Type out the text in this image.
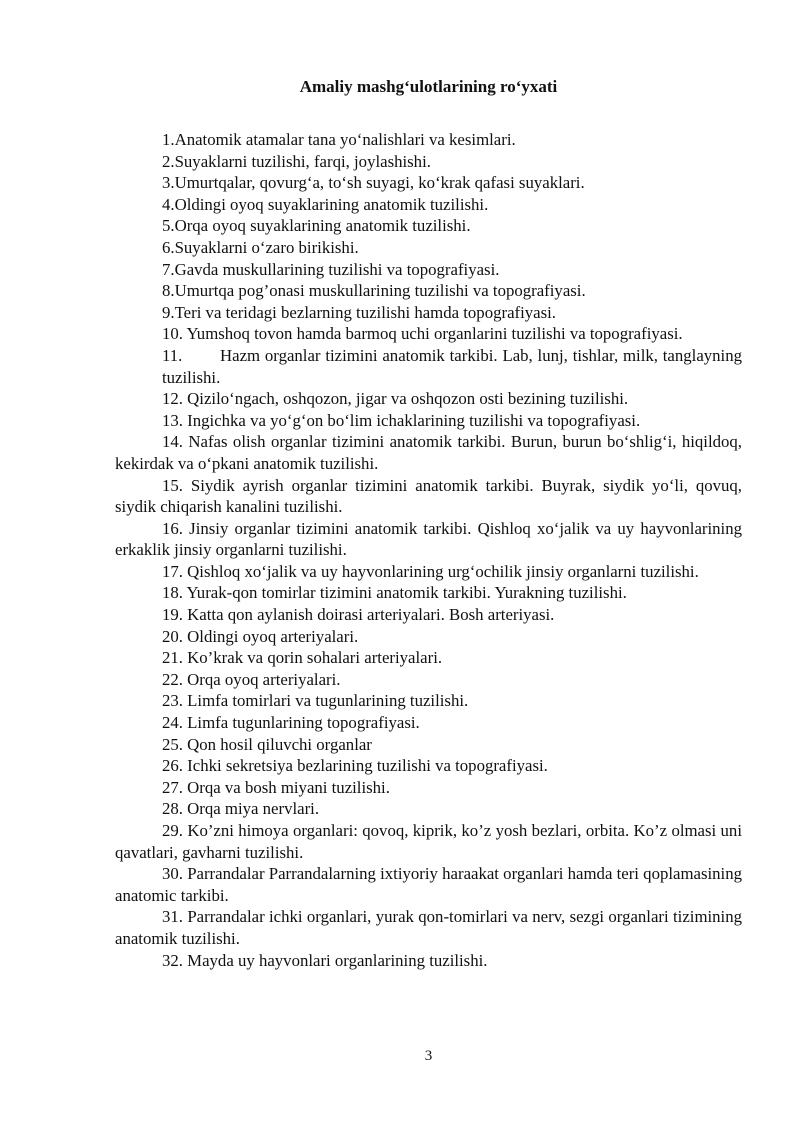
Amaliy mashg‘ulotlarining ro‘yxati

1.Anatomik atamalar tana yo‘nalishlari va kesimlari.

2.Suyaklarni tuzilishi, farqi, joylashishi.

3.Umurtqalar, qovurg‘a, to‘sh suyagi, ko‘krak qafasi suyaklari.

4.Oldingi oyoq suyaklarining anatomik tuzilishi.

5.Orqa oyoq suyaklarining anatomik tuzilishi.

6.Suyaklarni o‘zaro birikishi.

7.Gavda muskullarining tuzilishi va topografiyasi.

8.Umurtqa pog’onasi muskullarining tuzilishi va topografiyasi.

9.Teri va teridagi bezlarning tuzilishi hamda topografiyasi.

10. Yumshoq tovon hamda barmoq uchi organlarini tuzilishi va topografiyasi.

11. Hazm organlar tizimini anatomik tarkibi. Lab, lunj, tishlar, milk, tanglayning tuzilishi.

12. Qizilo‘ngach, oshqozon, jigar va oshqozon osti bezining tuzilishi.

13. Ingichka va yo‘g‘on bo‘lim ichaklarining tuzilishi va topografiyasi.

14. Nafas olish organlar tizimini anatomik tarkibi. Burun, burun bo‘shlig‘i, hiqildoq, kekirdak va o‘pkani anatomik tuzilishi.

15. Siydik ayrish organlar tizimini anatomik tarkibi. Buyrak, siydik yo‘li, qovuq, siydik chiqarish kanalini tuzilishi.

16. Jinsiy organlar tizimini anatomik tarkibi. Qishloq xo‘jalik va uy hayvonlarining erkaklik jinsiy organlarni tuzilishi.

17. Qishloq xo‘jalik va uy hayvonlarining urg‘ochilik jinsiy organlarni tuzilishi.

18. Yurak-qon tomirlar tizimini anatomik tarkibi. Yurakning tuzilishi.

19. Katta qon aylanish doirasi arteriyalari. Bosh arteriyasi.

20. Oldingi oyoq arteriyalari.

21. Ko’krak va qorin sohalari arteriyalari.

22. Orqa oyoq arteriyalari.

23. Limfa tomirlari va tugunlarining tuzilishi.

24. Limfa tugunlarining topografiyasi.

25. Qon hosil qiluvchi organlar

26. Ichki sekretsiya bezlarining tuzilishi va topografiyasi.

27. Orqa va bosh miyani tuzilishi.

28. Orqa miya nervlari.

29. Ko’zni himoya organlari: qovoq, kiprik, ko’z yosh bezlari, orbita. Ko’z olmasi uni qavatlari, gavharni tuzilishi.

30. Parrandalar Parrandalarning ixtiyoriy haraakat organlari hamda teri qoplamasining anatomic tarkibi.

31. Parrandalar ichki organlari, yurak qon-tomirlari va nerv, sezgi organlari tizimining anatomik tuzilishi.

32. Mayda uy hayvonlari organlarining tuzilishi.

3
